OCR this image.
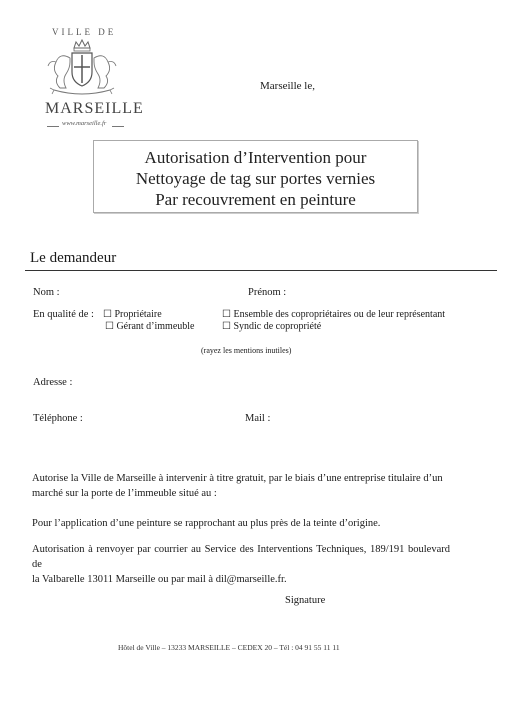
VILLE DE
MARSEILLE
www.marseille.fr
Marseille le,
Autorisation d’Intervention pour
Nettoyage de tag sur portes vernies
Par recouvrement en peinture
Le demandeur
Nom :	Prénom :
En qualité de : ☐ Propriétaire
☐ Gérant d’immeuble
☐ Ensemble des copropriétaires ou de leur représentant
☐ Syndic de copropriété
(rayez les mentions inutiles)
Adresse :
Téléphone :	Mail :
Autorise la Ville de Marseille à intervenir à titre gratuit, par le biais d’une entreprise titulaire d’un
marché sur la porte de l’immeuble situé au :
Pour l’application d’une peinture se rapprochant au plus près de la teinte d’origine.
Autorisation à renvoyer par courrier au Service des Interventions Techniques, 189/191 boulevard de
la Valbarelle 13011 Marseille ou par mail à dil@marseille.fr.
Signature
Hôtel de Ville – 13233 MARSEILLE – CEDEX 20 – Tél : 04 91 55 11 11
